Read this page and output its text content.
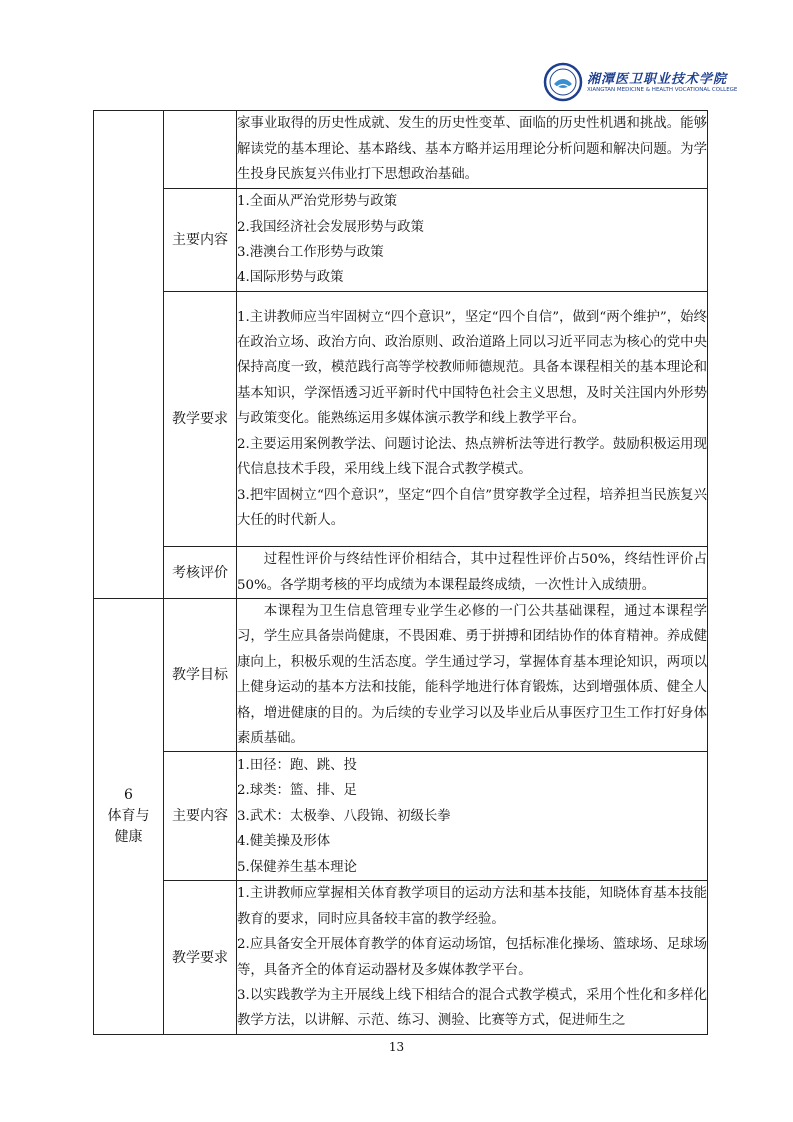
湘潭医卫职业技术学院
XIANGTAN MEDICINE & HEALTH VOCATIONAL COLLEGE

		家事业取得的历史性成就、发生的历史性变革、面临的历史性机遇和挑战。能够解读党的基本理论、基本路线、基本方略并运用理论分析问题和解决问题。为学生投身民族复兴伟业打下思想政治基础。

	主要内容	1.全面从严治党形势与政策

2.我国经济社会发展形势与政策

3.港澳台工作形势与政策

4.国际形势与政策

	教学要求	1.主讲教师应当牢固树立“四个意识”，坚定“四个自信”，做到“两个维护”，始终在政治立场、政治方向、政治原则、政治道路上同以习近平同志为核心的党中央保持高度一致，模范践行高等学校教师师德规范。具备本课程相关的基本理论和基本知识，学深悟透习近平新时代中国特色社会主义思想，及时关注国内外形势与政策变化。能熟练运用多媒体演示教学和线上教学平台。

2.主要运用案例教学法、问题讨论法、热点辨析法等进行教学。鼓励积极运用现代信息技术手段，采用线上线下混合式教学模式。

3.把牢固树立“四个意识”，坚定“四个自信”贯穿教学全过程，培养担当民族复兴大任的时代新人。

	考核评价	过程性评价与终结性评价相结合，其中过程性评价占50%，终结性评价占50%。各学期考核的平均成绩为本课程最终成绩，一次性计入成绩册。

6
体育与
健康	教学目标	本课程为卫生信息管理专业学生必修的一门公共基础课程，通过本课程学习，学生应具备崇尚健康，不畏困难、勇于拼搏和团结协作的体育精神。养成健康向上，积极乐观的生活态度。学生通过学习，掌握体育基本理论知识，两项以上健身运动的基本方法和技能，能科学地进行体育锻炼，达到增强体质、健全人格，增进健康的目的。为后续的专业学习以及毕业后从事医疗卫生工作打好身体素质基础。

	主要内容	1.田径：跑、跳、投

2.球类：篮、排、足

3.武术：太极拳、八段锦、初级长拳

4.健美操及形体

5.保健养生基本理论

	教学要求	1.主讲教师应掌握相关体育教学项目的运动方法和基本技能，知晓体育基本技能教育的要求，同时应具备较丰富的教学经验。

2.应具备安全开展体育教学的体育运动场馆，包括标准化操场、篮球场、足球场等，具备齐全的体育运动器材及多媒体教学平台。

3.以实践教学为主开展线上线下相结合的混合式教学模式，采用个性化和多样化教学方法，以讲解、示范、练习、测验、比赛等方式，促进师生之

13
